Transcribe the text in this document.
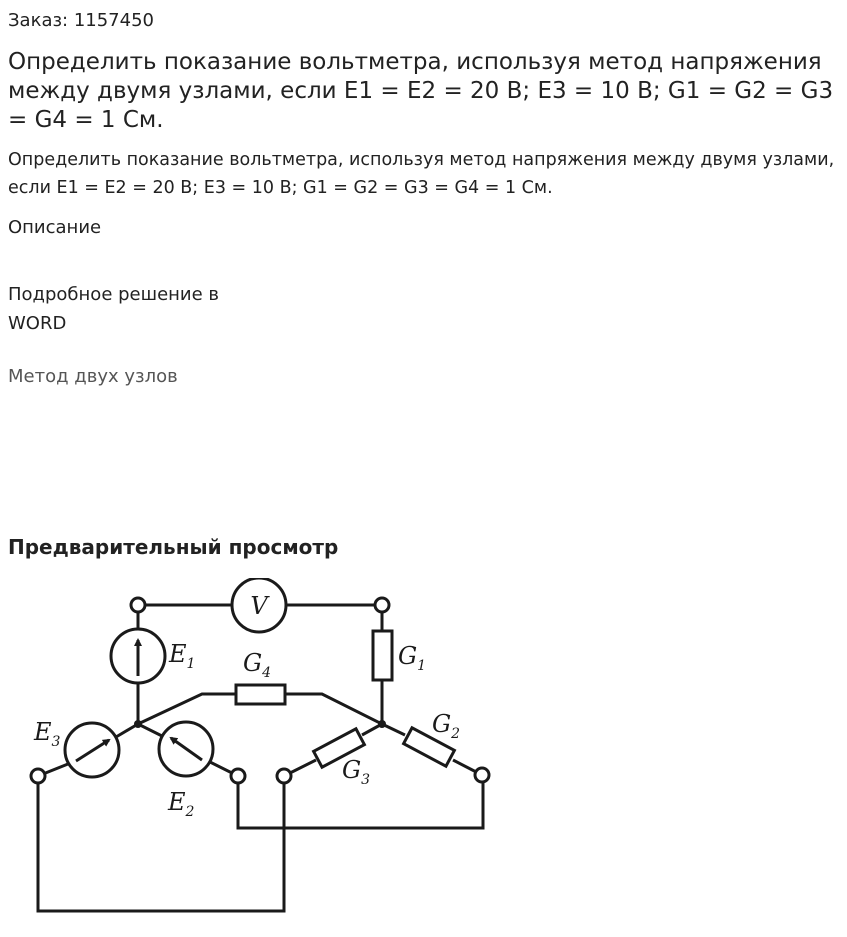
Заказ: 1157450
Определить показание вольтметра, используя метод напряжения между двумя узлами, если Е1 = Е2 = 20 В; Е3 = 10 В; G1 = G2 = G3 = G4 = 1 См.
Определить показание вольтметра, используя метод напряжения между двумя узлами, если Е1 = Е2 = 20 В; Е3 = 10 В; G1 = G2 = G3 = G4 = 1 См.
Описание
Подробное решение в WORD
Метод двух узлов
Предварительный просмотр
V
$E_1$	$G_1$
$G_4$
$E_3$
$E_2$
$G_3$
$G_2$
